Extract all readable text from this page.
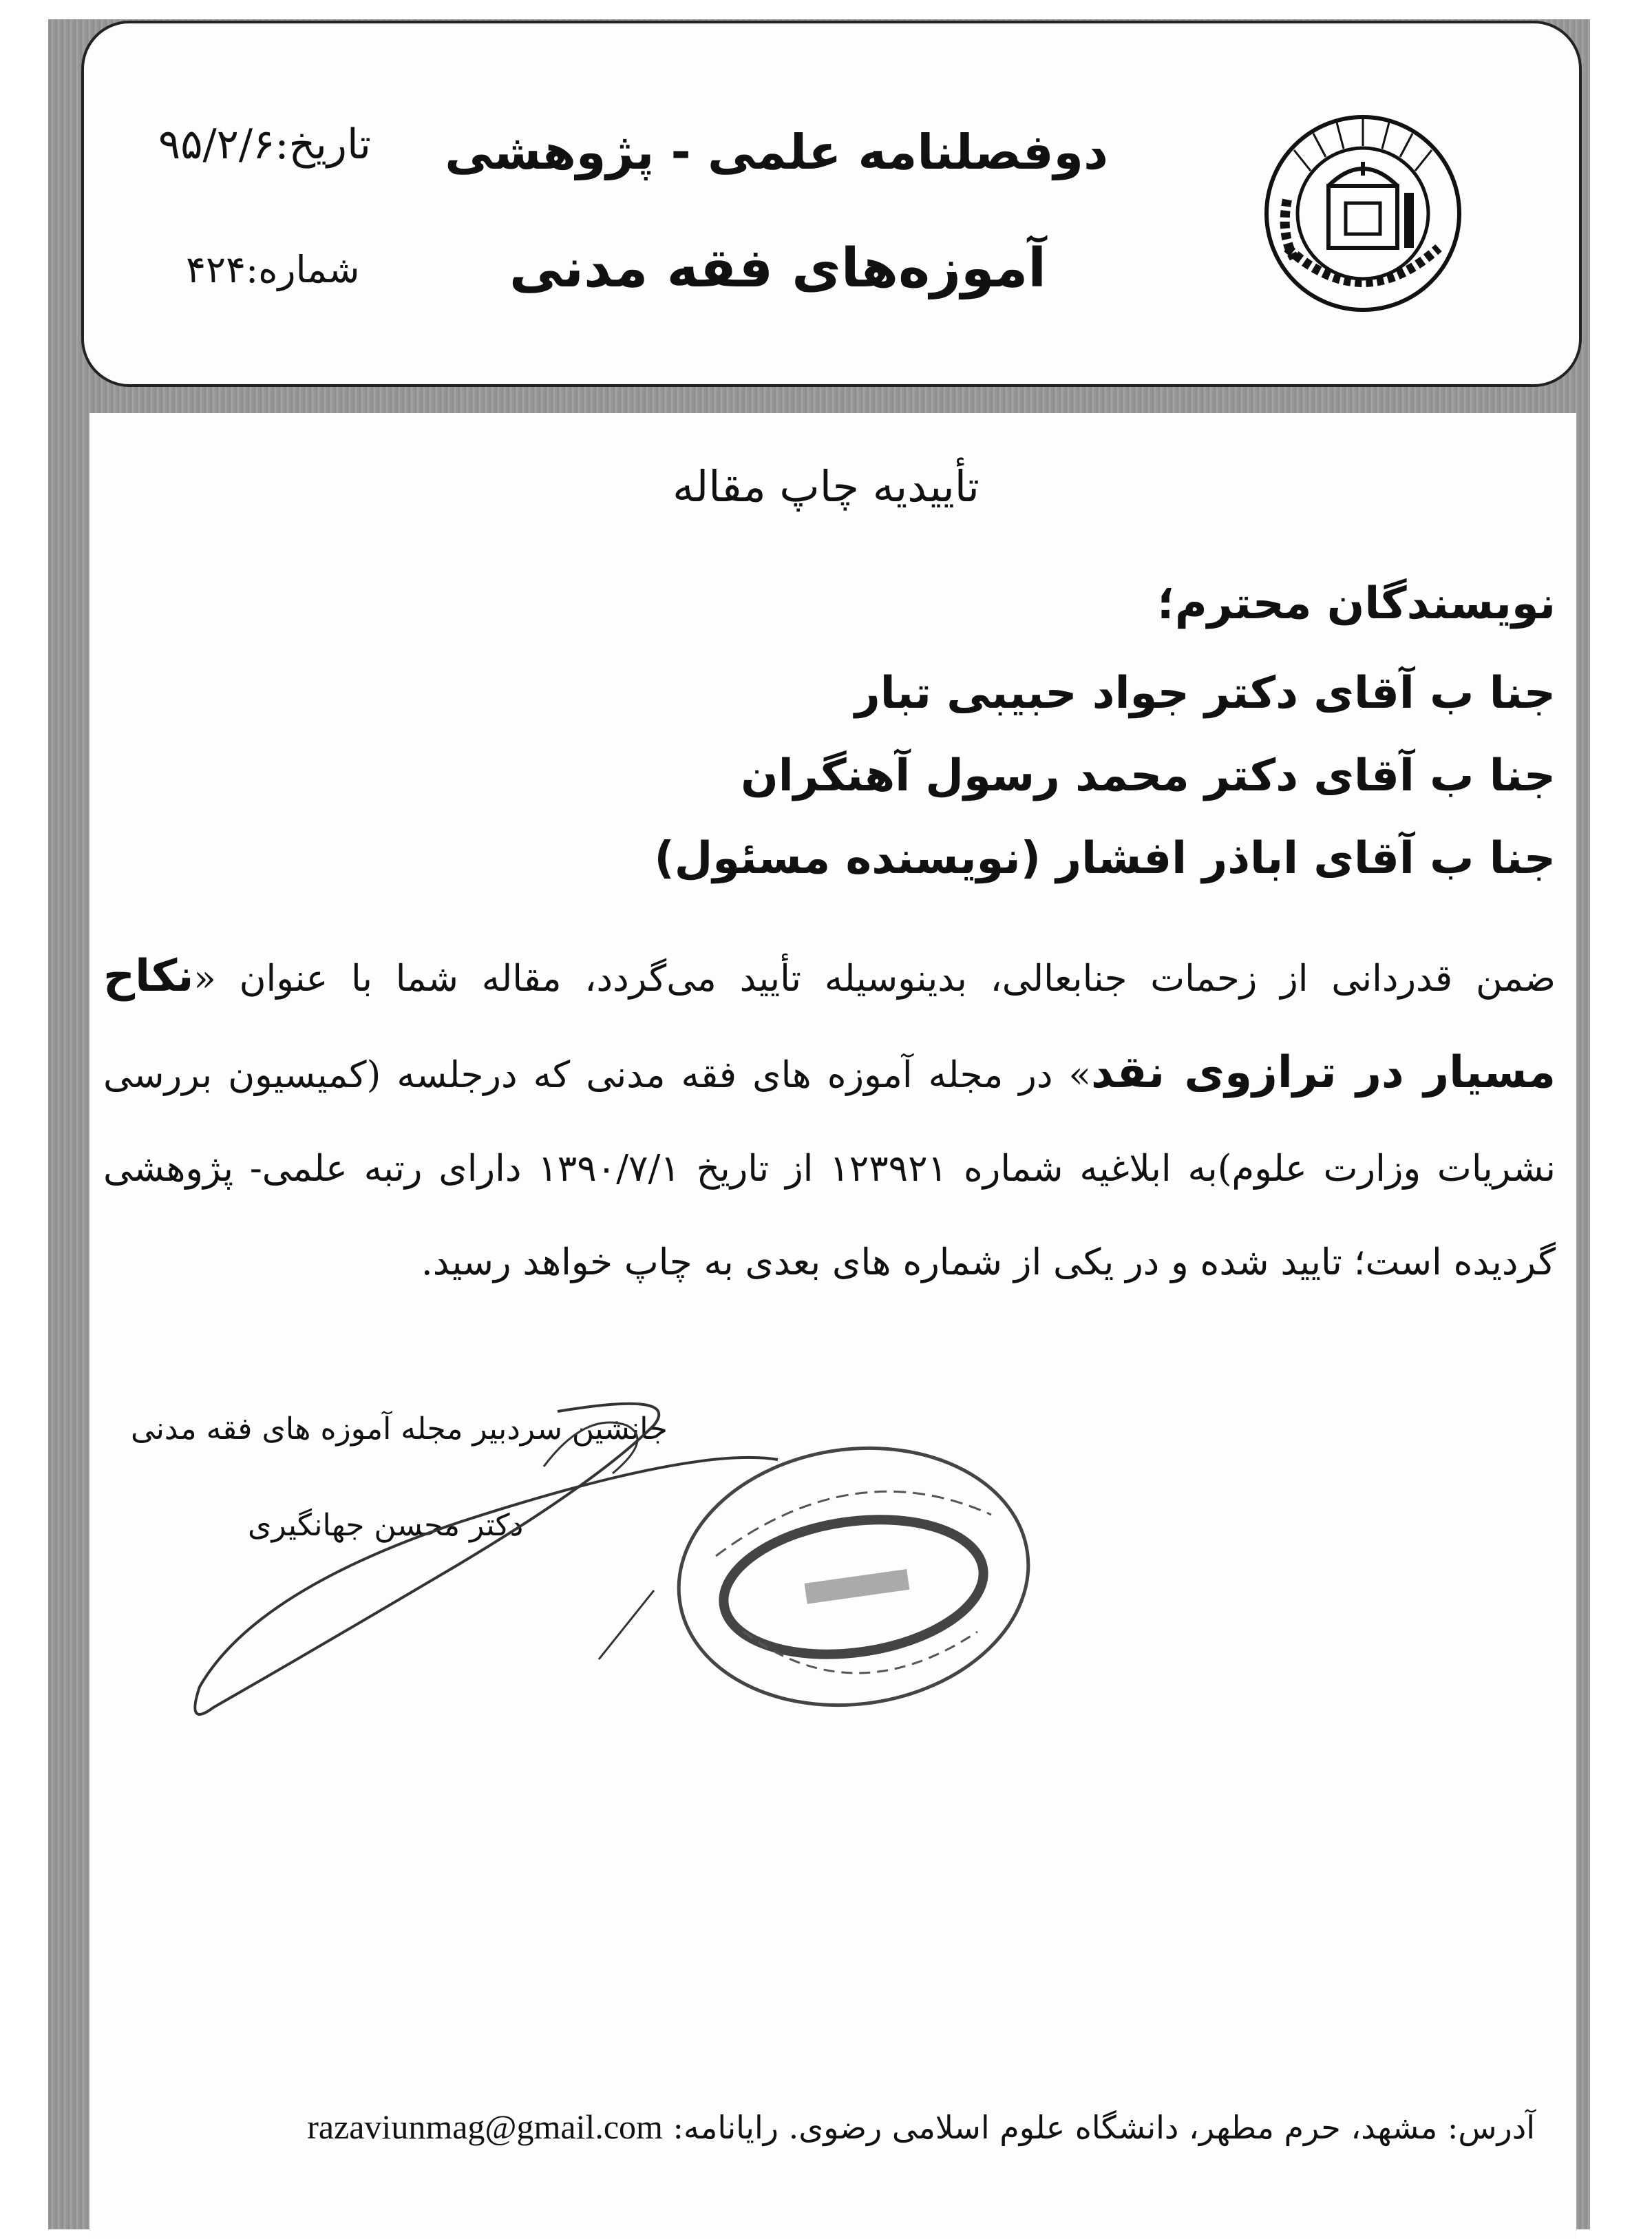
دوفصلنامه علمی - پژوهشی
آموزه‌های فقه مدنی
تاریخ:۹۵/۲/۶
شماره:۴۲۴
تأییدیه چاپ مقاله
نویسندگان محترم؛
جنا ب آقای دکتر جواد حبیبی تبار
جنا ب آقای دکتر محمد رسول آهنگران
جنا ب آقای اباذر افشار (نویسنده مسئول)
ضمن قدردانی از زحمات جنابعالی، بدینوسیله تأیید می‌گردد، مقاله شما با عنوان «نکاح مسیار در ترازوی نقد» در مجله آموزه های فقه مدنی که درجلسه (کمیسیون بررسی نشریات وزارت علوم)به ابلاغیه شماره ۱۲۳۹۲۱ از تاریخ ۱۳۹۰/۷/۱ دارای رتبه علمی- پژوهشی گردیده است؛ تایید شده و در یکی از شماره های بعدی به چاپ خواهد رسید.
جانشین سردبیر مجله آموزه های فقه مدنی
دکتر محسن جهانگیری
آدرس: مشهد، حرم مطهر، دانشگاه علوم اسلامی رضوی. رایانامه: razaviunmag@gmail.com
